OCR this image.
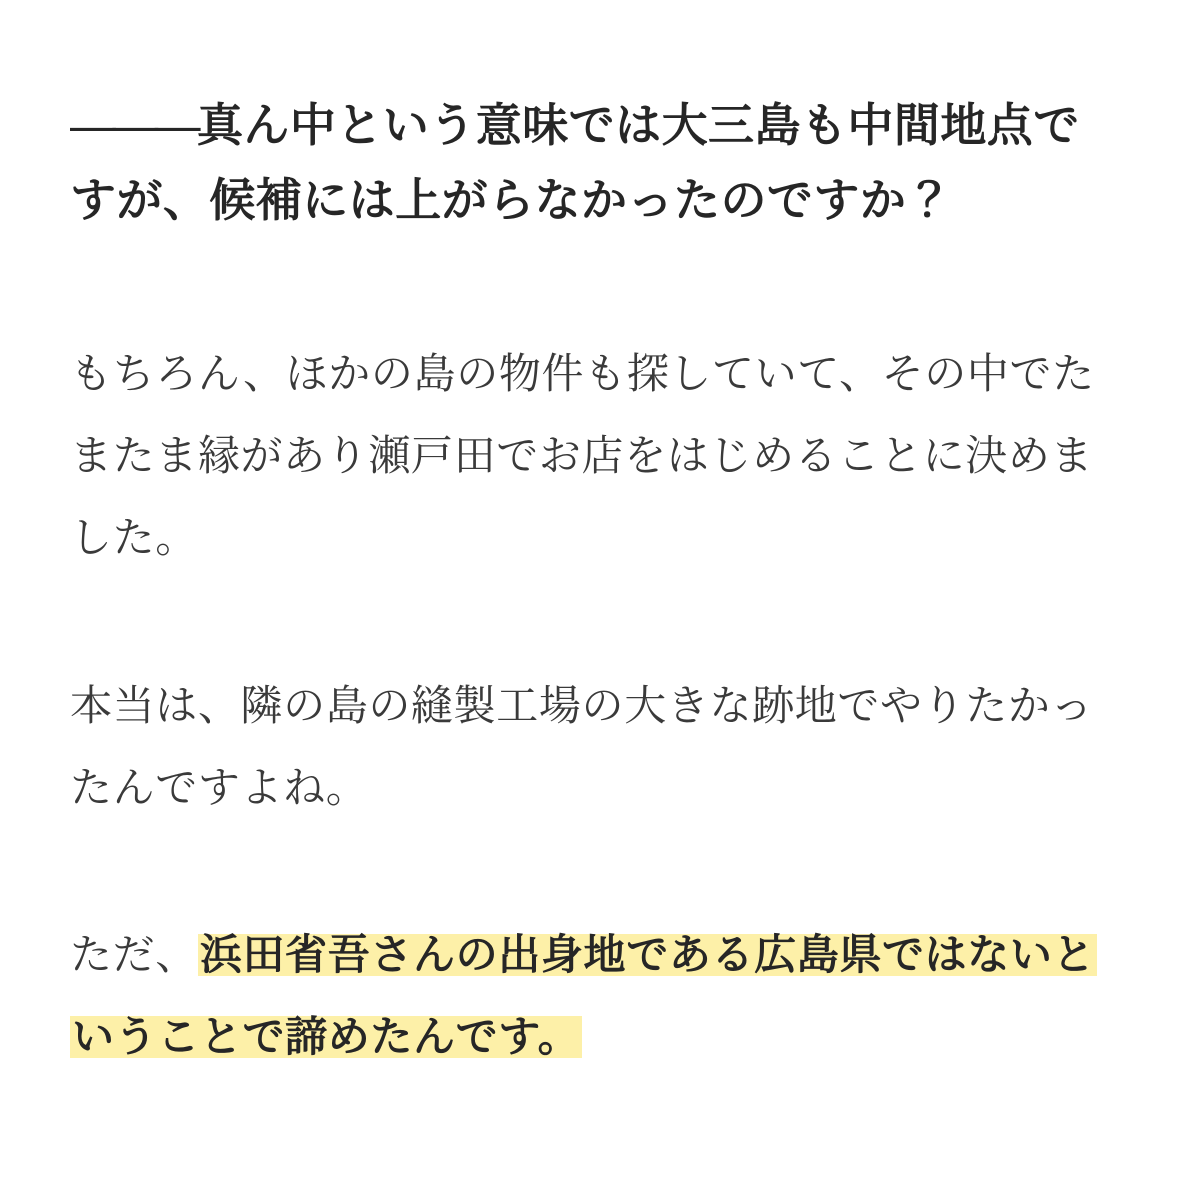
———真ん中という意味では大三島も中間地点ですが、候補には上がらなかったのですか？

もちろん、ほかの島の物件も探していて、その中でたまたま縁があり瀬戸田でお店をはじめることに決めました。

本当は、隣の島の縫製工場の大きな跡地でやりたかったんですよね。

ただ、浜田省吾さんの出身地である広島県ではないということで諦めたんです。
